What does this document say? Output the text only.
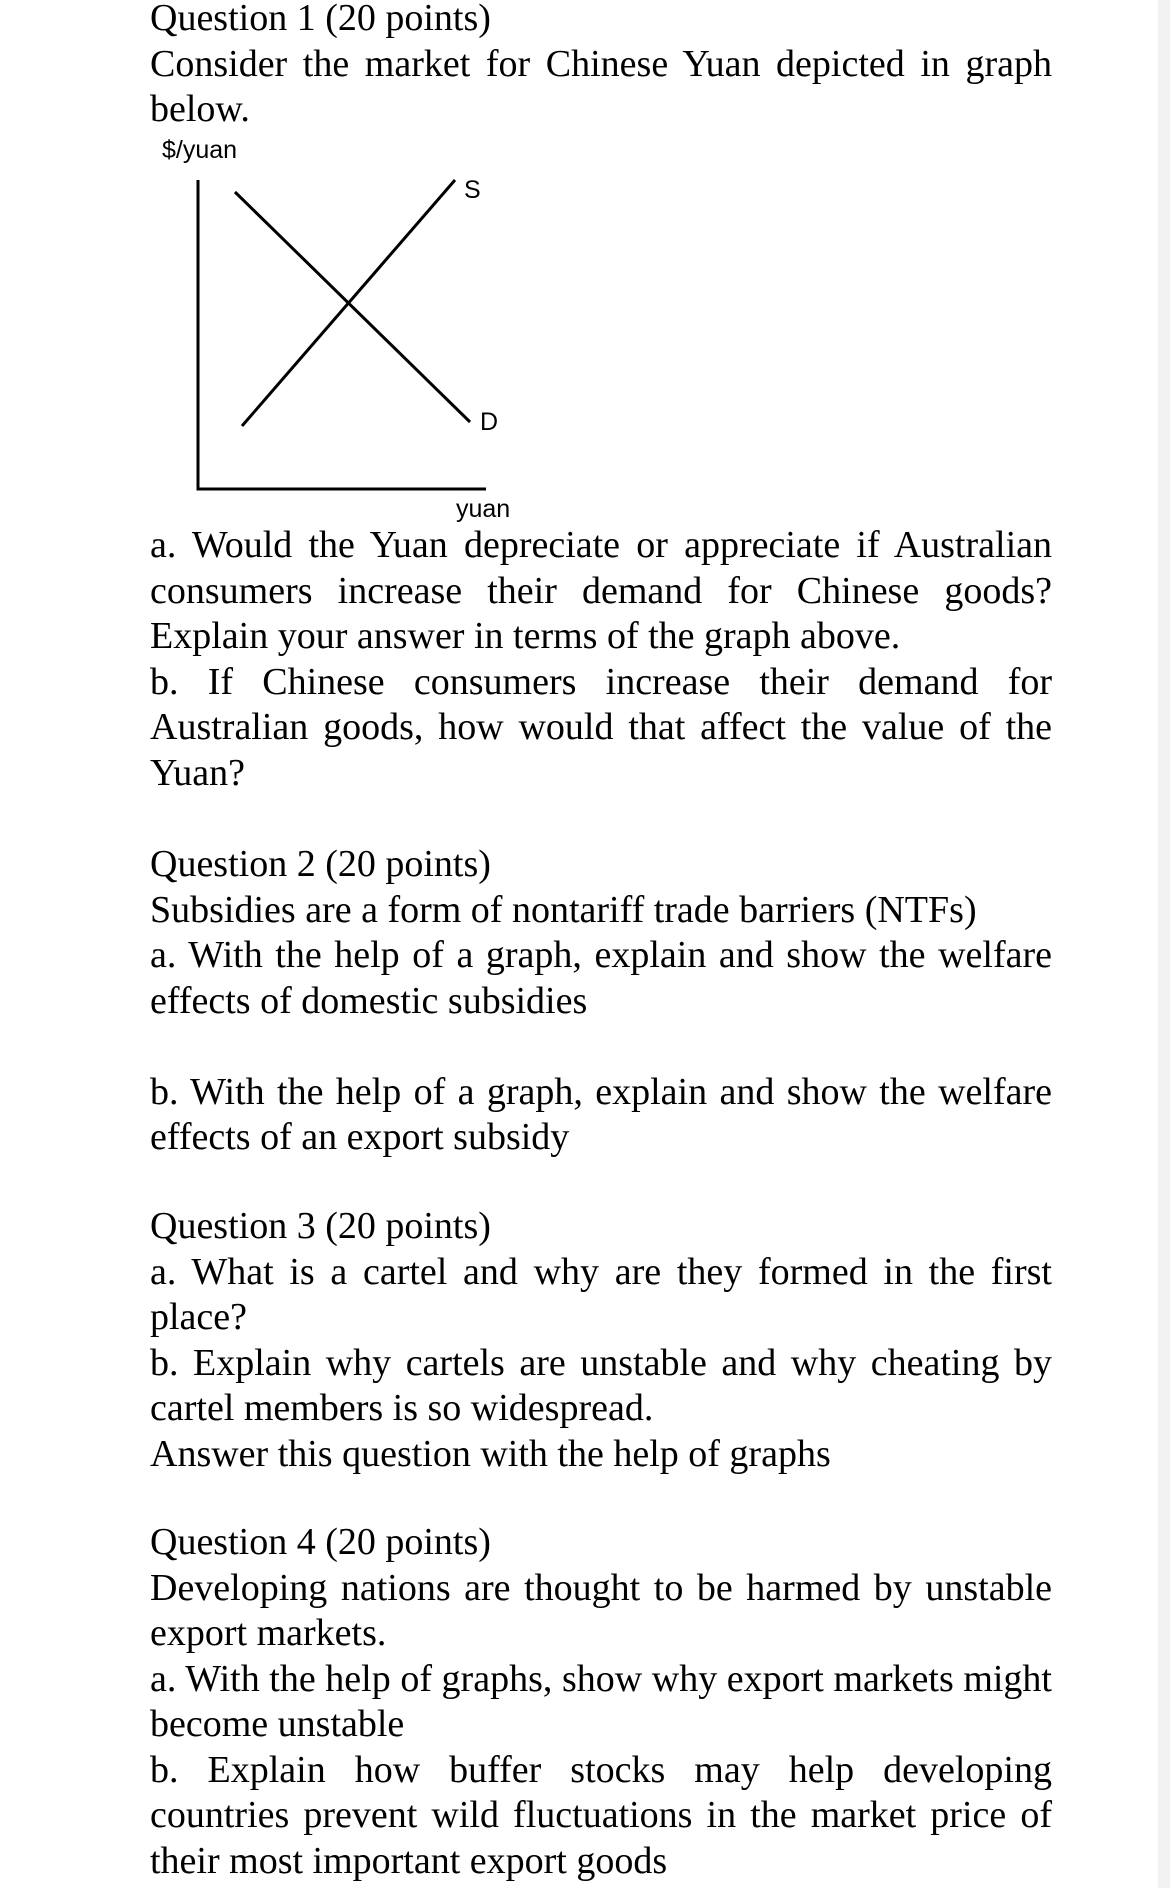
Question 1 (20 points)

Consider the market for Chinese Yuan depicted in graph below.

$/yuan
S
D
yuan

a. Would the Yuan depreciate or appreciate if Australian consumers increase their demand for Chinese goods? Explain your answer in terms of the graph above.

b. If Chinese consumers increase their demand for Australian goods, how would that affect the value of the Yuan?

Question 2 (20 points)

Subsidies are a form of nontariff trade barriers (NTFs)

a. With the help of a graph, explain and show the welfare effects of domestic subsidies

b. With the help of a graph, explain and show the welfare effects of an export subsidy

Question 3 (20 points)

a. What is a cartel and why are they formed in the first place?

b. Explain why cartels are unstable and why cheating by cartel members is so widespread.

Answer this question with the help of graphs

Question 4 (20 points)

Developing nations are thought to be harmed by unstable export markets.

a. With the help of graphs, show why export markets might become unstable

b. Explain how buffer stocks may help developing countries prevent wild fluctuations in the market price of their most important export goods
